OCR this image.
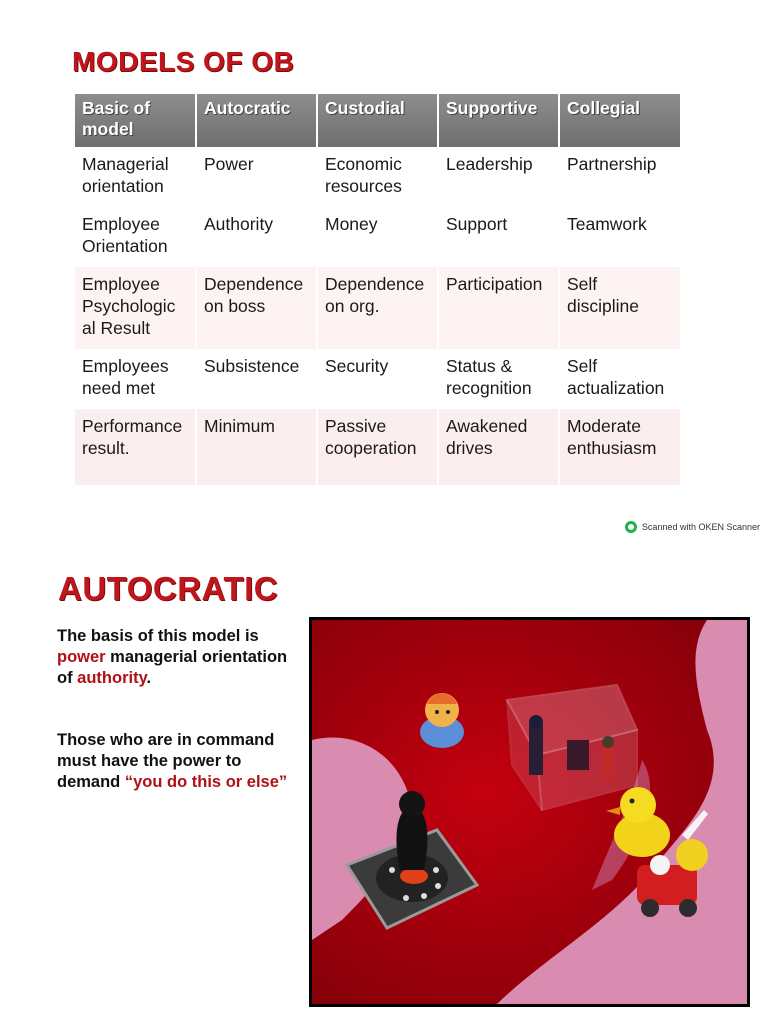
MODELS OF OB
Basic of model	Autocratic	Custodial	Supportive	Collegial
Managerial orientation	Power	Economic resources	Leadership	Partnership
Employee Orientation	Authority	Money	Support	Teamwork
Employee Psychologic al Result	Dependence on boss	Dependence on org.	Participation	Self discipline
Employees need met	Subsistence	Security	Status & recognition	Self actualization
Performance result.	Minimum	Passive cooperation	Awakened drives	Moderate enthusiasm
Scanned with OKEN Scanner
AUTOCRATIC
The basis of this model is
power managerial orientation of authority.
Those who are in command must have the power to demand “you do this or else”
